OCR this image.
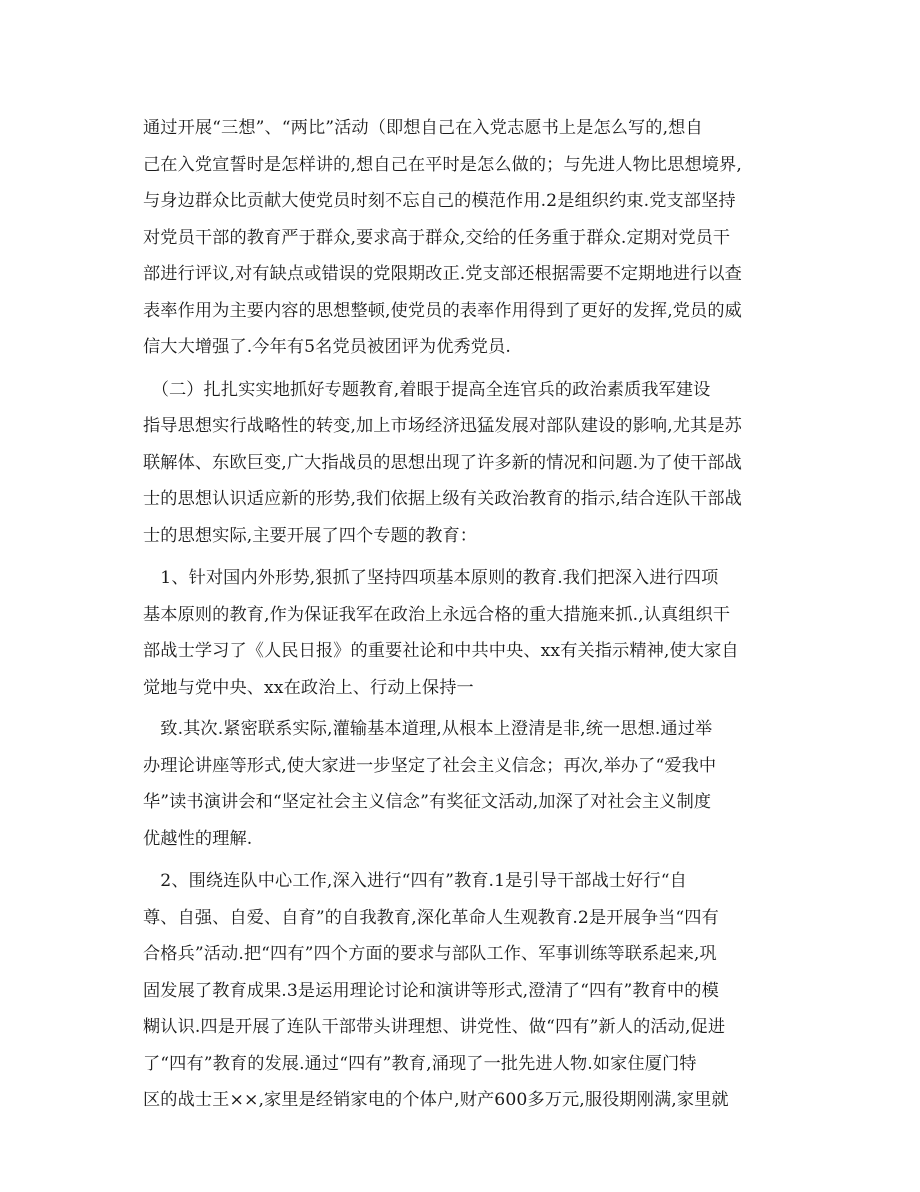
通过开展“三想”、“两比”活动（即想自己在入党志愿书上是怎么写的,想自
己在入党宣誓时是怎样讲的,想自己在平时是怎么做的；与先进人物比思想境界,
与身边群众比贡献大使党员时刻不忘自己的模范作用.2是组织约束.党支部坚持
对党员干部的教育严于群众,要求高于群众,交给的任务重于群众.定期对党员干
部进行评议,对有缺点或错误的党限期改正.党支部还根据需要不定期地进行以查
表率作用为主要内容的思想整顿,使党员的表率作用得到了更好的发挥,党员的威
信大大增强了.今年有5名党员被团评为优秀党员.

　（二）扎扎实实地抓好专题教育,着眼于提高全连官兵的政治素质我军建设
指导思想实行战略性的转变,加上市场经济迅猛发展对部队建设的影响,尤其是苏
联解体、东欧巨变,广大指战员的思想出现了许多新的情况和问题.为了使干部战
士的思想认识适应新的形势,我们依据上级有关政治教育的指示,结合连队干部战
士的思想实际,主要开展了四个专题的教育：

　1、针对国内外形势,狠抓了坚持四项基本原则的教育.我们把深入进行四项
基本原则的教育,作为保证我军在政治上永远合格的重大措施来抓.,认真组织干
部战士学习了《人民日报》的重要社论和中共中央、xx有关指示精神,使大家自
觉地与党中央、xx在政治上、行动上保持一

　致.其次.紧密联系实际,灌输基本道理,从根本上澄清是非,统一思想.通过举
办理论讲座等形式,使大家进一步坚定了社会主义信念；再次,举办了“爱我中
华”读书演讲会和“坚定社会主义信念”有奖征文活动,加深了对社会主义制度
优越性的理解.

　2、围绕连队中心工作,深入进行“四有”教育.1是引导干部战士好行“自
尊、自强、自爱、自育”的自我教育,深化革命人生观教育.2是开展争当“四有
合格兵”活动.把“四有”四个方面的要求与部队工作、军事训练等联系起来,巩
固发展了教育成果.3是运用理论讨论和演讲等形式,澄清了“四有”教育中的模
糊认识.四是开展了连队干部带头讲理想、讲党性、做“四有”新人的活动,促进
了“四有”教育的发展.通过“四有”教育,涌现了一批先进人物.如家住厦门特
区的战士王××,家里是经销家电的个体户,财产600多万元,服役期刚满,家里就
